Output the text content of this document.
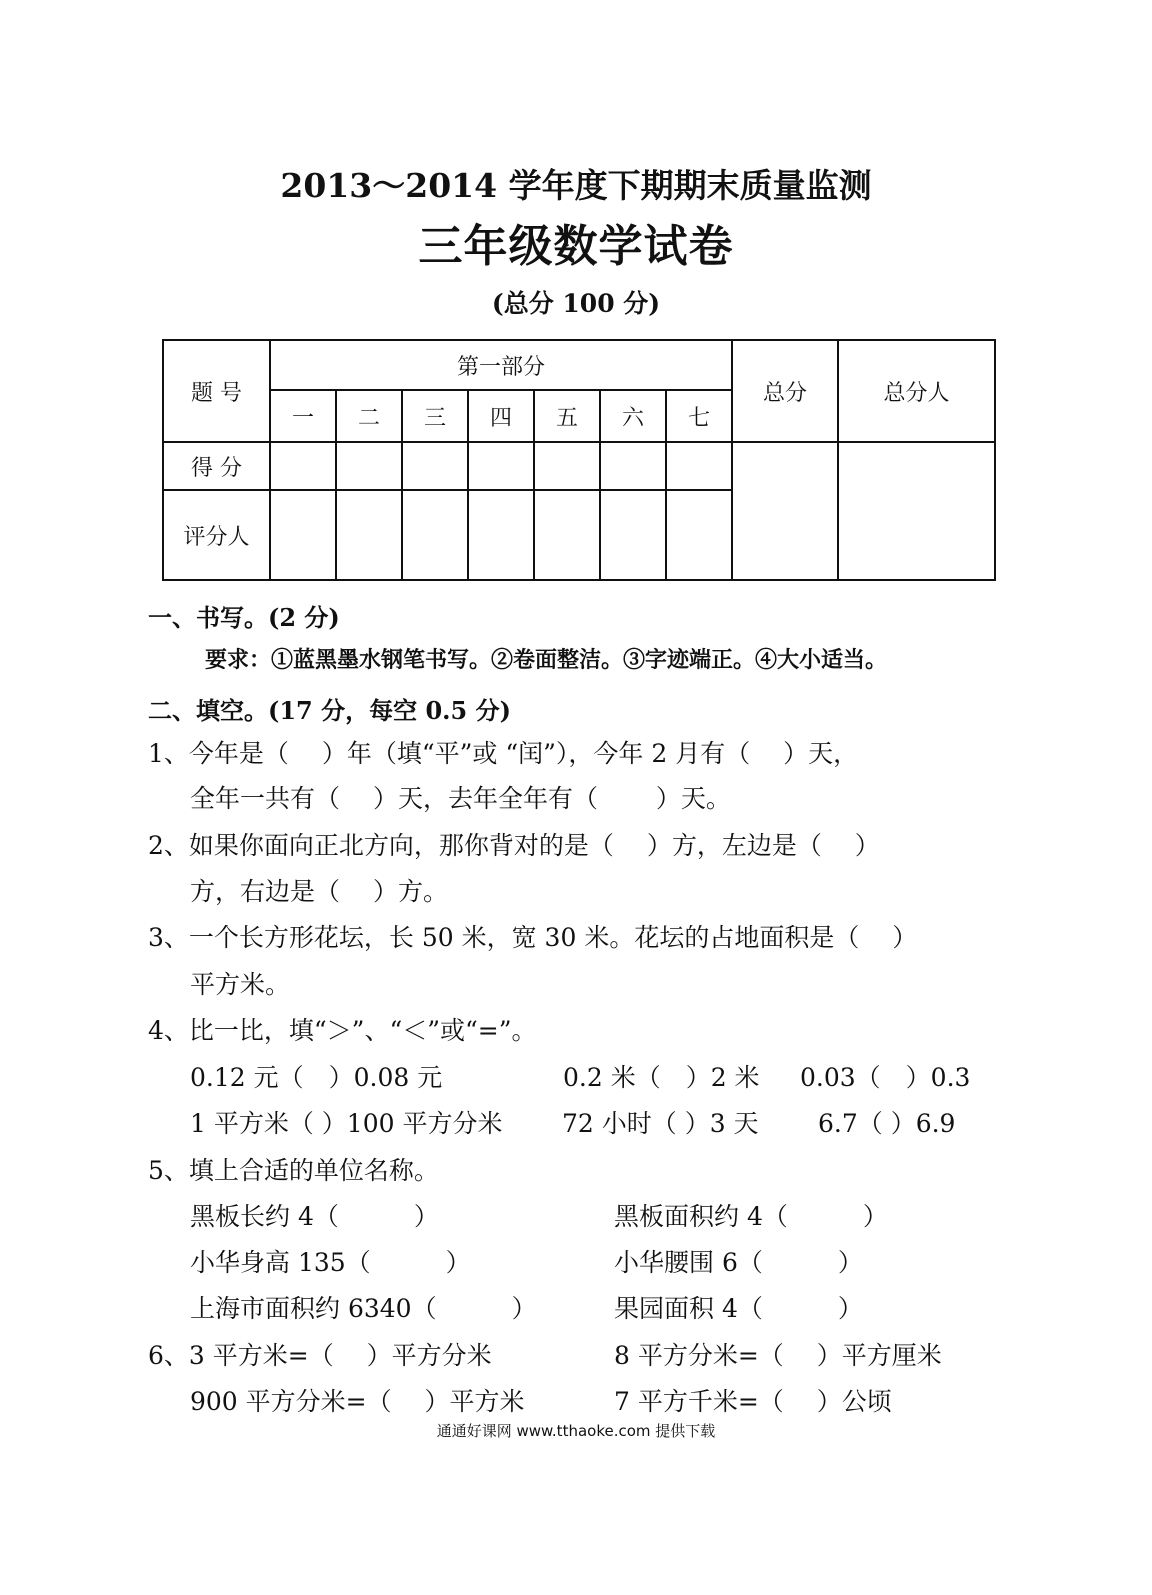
2013～2014 学年度下期期末质量监测
三年级数学试卷
(总分 100 分)
题 号	第一部分							总分	总分人
	一	二	三	四	五	六	七		
得 分									
评分人									
一、书写。(2 分)
要求：①蓝黑墨水钢笔书写。②卷面整洁。③字迹端正。④大小适当。
二、填空。(17 分，每空 0.5 分)
1、今年是（　 ）年（填“平”或 “闰”），今年 2 月有（　 ）天，
全年一共有（　 ）天，去年全年有（　　 ）天。
2、如果你面向正北方向，那你背对的是（　 ）方，左边是（　 ）
方，右边是（　 ）方。
3、一个长方形花坛，长 50 米，宽 30 米。花坛的占地面积是（　 ）
平方米。
4、比一比，填“＞”、“＜”或“=”。
0.12 元（　）0.08 元	0.2 米（　）2 米 0.03（　）0.3
1 平方米（ ）100 平方分米 72 小时（ ）3 天 6.7（ ）6.9
5、填上合适的单位名称。
黑板长约 4（　　　）	黑板面积约 4（　　　）
小华身高 135（　　　）	小华腰围 6（　　　）
上海市面积约 6340（　　　）	果园面积 4（　　　）
6、3 平方米=（　 ）平方分米	8 平方分米=（　 ）平方厘米
900 平方分米=（　 ）平方米	7 平方千米=（　 ）公顷
通通好课网 www.tthaoke.com 提供下载
